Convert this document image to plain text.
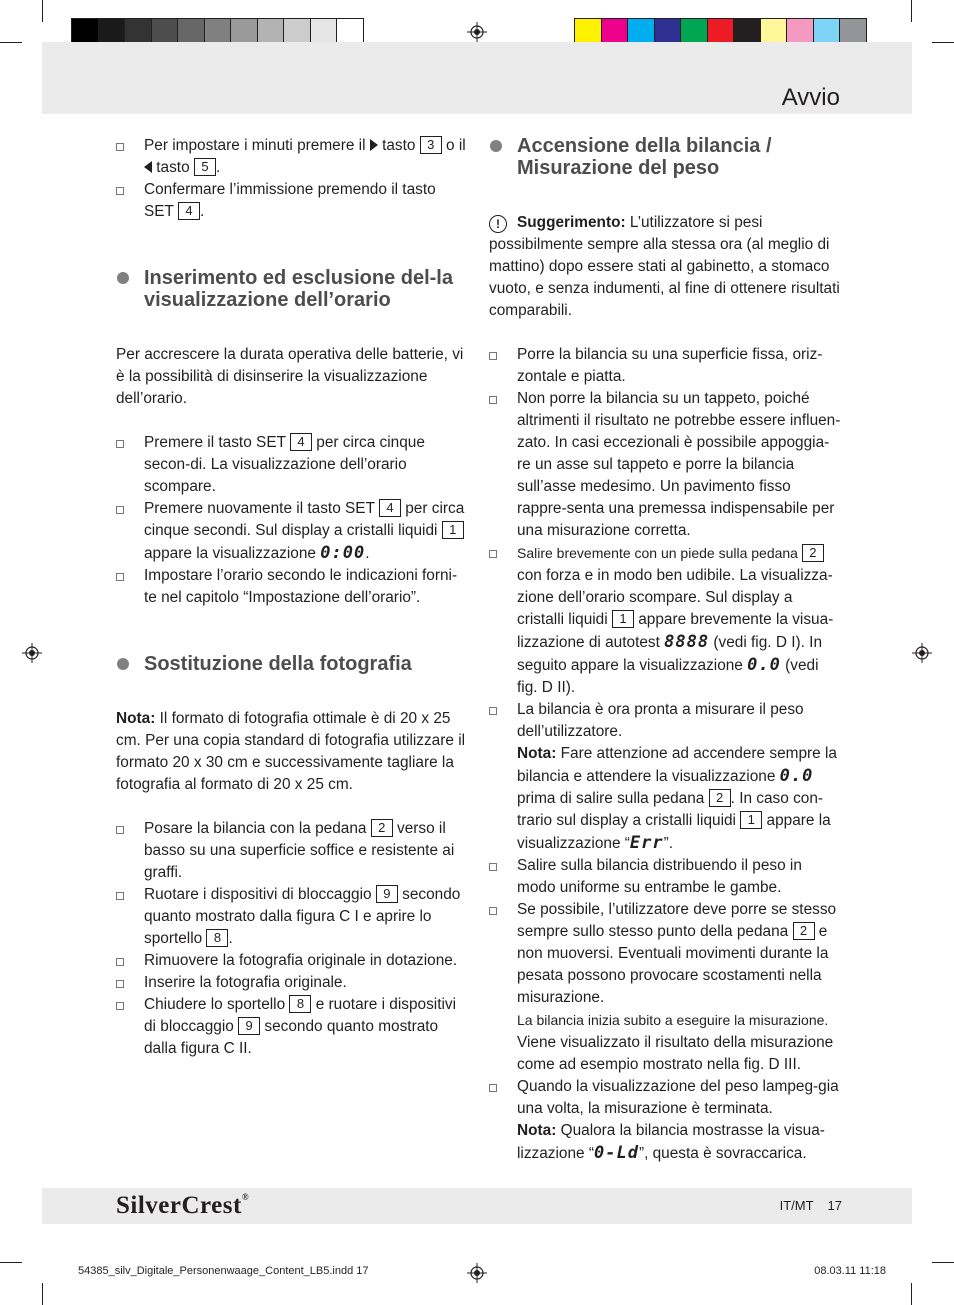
Avvio
Per impostare i minuti premere il  tasto 3 o il  tasto 5 .
Confermare l’immissione premendo il tasto SET 4 .
Inserimento ed esclusione del-la visualizzazione dell’orario

Per accrescere la durata operativa delle batterie, vi è la possibilità di disinserire la visualizzazione dell’orario.

Premere il tasto SET 4 per circa cinque secon-di. La visualizzazione dell’orario scompare.
Premere nuovamente il tasto SET 4 per circa cinque secondi. Sul display a cristalli liquidi 1 appare la visualizzazione 0:00.
Impostare l’orario secondo le indicazioni forni-te nel capitolo “Impostazione dell’orario”.
Sostituzione della fotografia

Nota: Il formato di fotografia ottimale è di 20 x 25 cm. Per una copia standard di fotografia utilizzare il formato 20 x 30 cm e successivamente tagliare la fotografia al formato di 20 x 25 cm.

Posare la bilancia con la pedana 2 verso il basso su una superficie soffice e resistente ai graffi.
Ruotare i dispositivi di bloccaggio 9 secondo quanto mostrato dalla figura C I e aprire lo sportello 8 .
Rimuovere la fotografia originale in dotazione.
Inserire la fotografia originale.
Chiudere lo sportello 8 e ruotare i dispositivi di bloccaggio 9 secondo quanto mostrato dalla figura C II.
Accensione della bilancia / Misurazione del peso

! Suggerimento: L’utilizzatore si pesi possibilmente sempre alla stessa ora (al meglio di mattino) dopo essere stati al gabinetto, a stomaco vuoto, e senza indumenti, al fine di ottenere risultati comparabili.

Porre la bilancia su una superficie fissa, oriz-zontale e piatta.
Non porre la bilancia su un tappeto, poiché altrimenti il risultato ne potrebbe essere influen-zato. In casi eccezionali è possibile appoggia-re un asse sul tappeto e porre la bilancia sull’asse medesimo. Un pavimento fisso rappre-senta una premessa indispensabile per una misurazione corretta.
Salire brevemente con un piede sulla pedana 2 con forza e in modo ben udibile. La visualizza-zione dell’orario scompare. Sul display a cristalli liquidi 1 appare brevemente la visua-lizzazione di autotest 8888 (vedi fig. D I). In seguito appare la visualizzazione 0.0 (vedi fig. D II).
La bilancia è ora pronta a misurare il peso dell’utilizzatore.
Nota: Fare attenzione ad accendere sempre la bilancia e attendere la visualizzazione 0.0 prima di salire sulla pedana 2 . In caso con-trario sul display a cristalli liquidi 1 appare la visualizzazione “Err”.
Salire sulla bilancia distribuendo il peso in modo uniforme su entrambe le gambe.
Se possibile, l’utilizzatore deve porre se stesso sempre sullo stesso punto della pedana 2 e non muoversi. Eventuali movimenti durante la pesata possono provocare scostamenti nella misurazione.
La bilancia inizia subito a eseguire la misurazione.
Viene visualizzato il risultato della misurazione come ad esempio mostrato nella fig. D III.
Quando la visualizzazione del peso lampeg-gia una volta, la misurazione è terminata.
Nota: Qualora la bilancia mostrasse la visua-lizzazione “0-Ld”, questa è sovraccarica.
SilverCrest®
IT/MT 17
54385_silv_Digitale_Personenwaage_Content_LB5.indd 17	08.03.11 11:18
